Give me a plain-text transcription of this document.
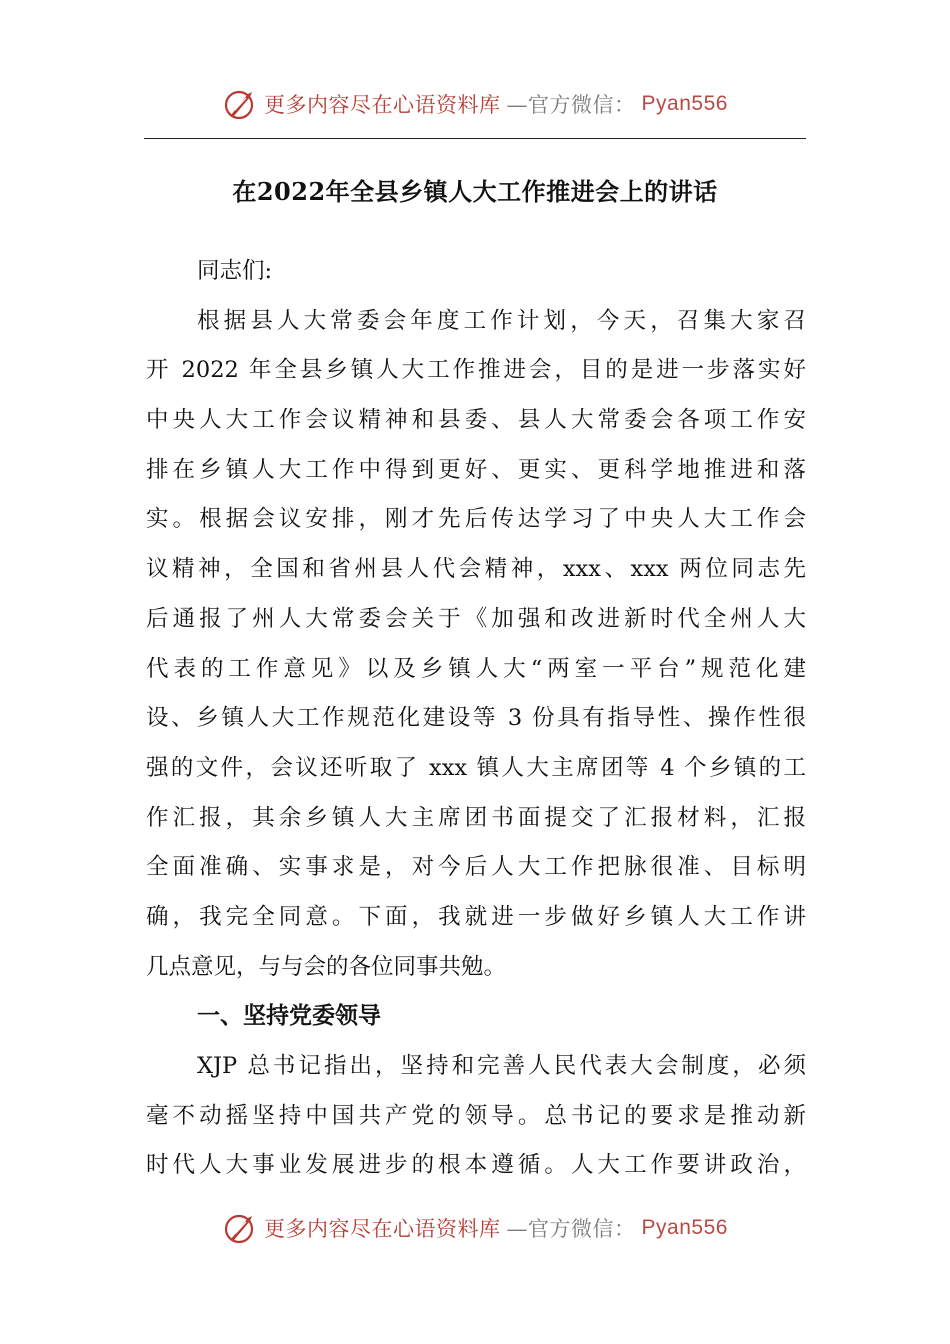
更多内容尽在心语资料库 —官方微信： Pyan556
在2022年全县乡镇人大工作推进会上的讲话
同志们:
根据县人大常委会年度工作计划，今天，召集大家召
开 2022 年全县乡镇人大工作推进会，目的是进一步落实好
中央人大工作会议精神和县委、县人大常委会各项工作安
排在乡镇人大工作中得到更好、更实、更科学地推进和落
实。根据会议安排，刚才先后传达学习了中央人大工作会
议精神，全国和省州县人代会精神，xxx、xxx 两位同志先
后通报了州人大常委会关于《加强和改进新时代全州人大
代表的工作意见》以及乡镇人大“两室一平台”规范化建
设、乡镇人大工作规范化建设等 3 份具有指导性、操作性很
强的文件，会议还听取了 xxx 镇人大主席团等 4 个乡镇的工
作汇报，其余乡镇人大主席团书面提交了汇报材料，汇报
全面准确、实事求是，对今后人大工作把脉很准、目标明
确，我完全同意。下面，我就进一步做好乡镇人大工作讲
几点意见，与与会的各位同事共勉。
一、坚持党委领导
XJP 总书记指出，坚持和完善人民代表大会制度，必须
毫不动摇坚持中国共产党的领导。总书记的要求是推动新
时代人大事业发展进步的根本遵循。人大工作要讲政治，
更多内容尽在心语资料库 —官方微信： Pyan556
